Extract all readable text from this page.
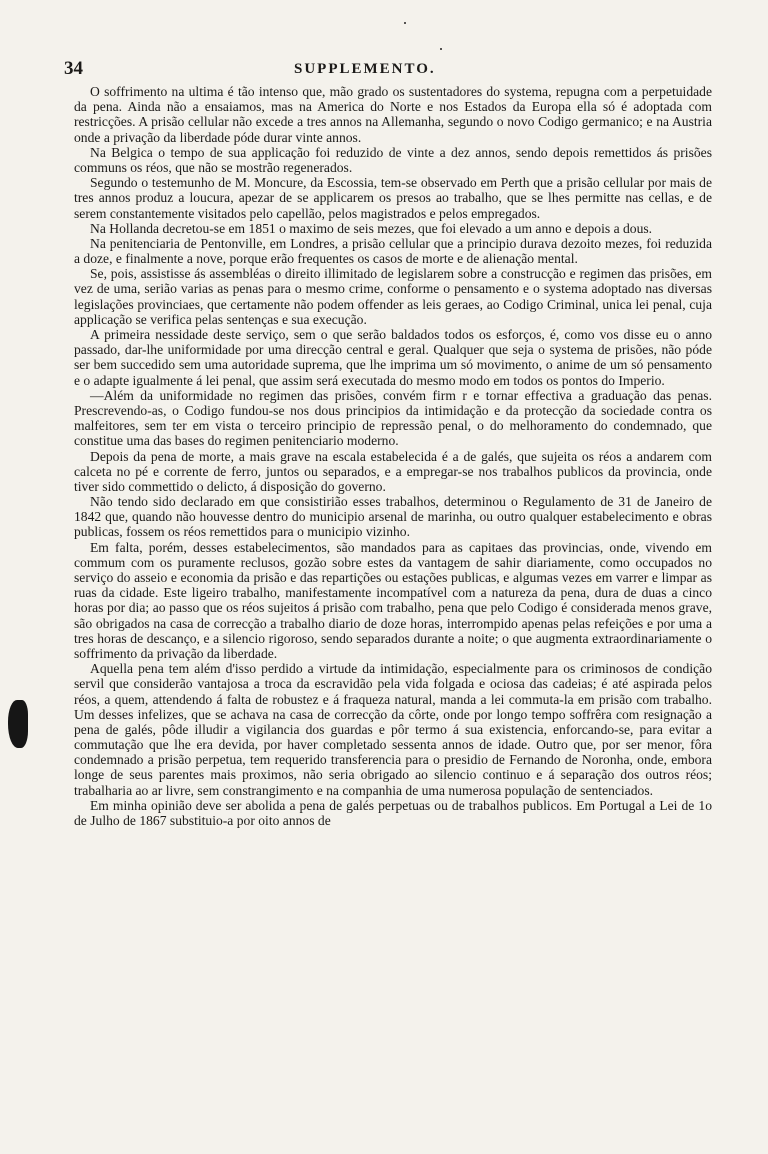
34	SUPPLEMENTO.

O soffrimento na ultima é tão intenso que, mão grado os sustentadores do systema, repugna com a perpetuidade da pena. Ainda não a ensaiamos, mas na America do Norte e nos Estados da Europa ella só é adoptada com restricções. A prisão cellular não excede a tres annos na Allemanha, segundo o novo Codigo germanico; e na Austria onde a privação da liberdade póde durar vinte annos.

Na Belgica o tempo de sua applicação foi reduzido de vinte a dez annos, sendo depois remettidos ás prisões communs os réos, que não se mostrão regenerados.

Segundo o testemunho de M. Moncure, da Escossia, tem-se observado em Perth que a prisão cellular por mais de tres annos produz a loucura, apezar de se applicarem os presos ao trabalho, que se lhes permitte nas cellas, e de serem constantemente visitados pelo capellão, pelos magistrados e pelos empregados.

Na Hollanda decretou-se em 1851 o maximo de seis mezes, que foi elevado a um anno e depois a dous.

Na penitenciaria de Pentonville, em Londres, a prisão cellular que a principio durava dezoito mezes, foi reduzida a doze, e finalmente a nove, porque erão frequentes os casos de morte e de alienação mental.

Se, pois, assistisse ás assembléas o direito illimitado de legislarem sobre a construcção e regimen das prisões, em vez de uma, serião varias as penas para o mesmo crime, conforme o pensamento e o systema adoptado nas diversas legislações provinciaes, que certamente não podem offender as leis geraes, ao Codigo Criminal, unica lei penal, cuja applicação se verifica pelas sentenças e sua execução.

A primeira nessidade deste serviço, sem o que serão baldados todos os esforços, é, como vos disse eu o anno passado, dar-lhe uniformidade por uma direcção central e geral. Qualquer que seja o systema de prisões, não póde ser bem succedido sem uma autoridade suprema, que lhe imprima um só movimento, o anime de um só pensamento e o adapte igualmente á lei penal, que assim será executada do mesmo modo em todos os pontos do Imperio.

—Além da uniformidade no regimen das prisões, convém firm r e tornar effectiva a graduação das penas. Prescrevendo-as, o Codigo fundou-se nos dous principios da intimidação e da protecção da sociedade contra os malfeitores, sem ter em vista o terceiro principio de repressão penal, o do melhoramento do condemnado, que constitue uma das bases do regimen penitenciario moderno.

Depois da pena de morte, a mais grave na escala estabelecida é a de galés, que sujeita os réos a andarem com calceta no pé e corrente de ferro, juntos ou separados, e a empregar-se nos trabalhos publicos da provincia, onde tiver sido commettido o delicto, á disposição do governo.

Não tendo sido declarado em que consistirião esses trabalhos, determinou o Regulamento de 31 de Janeiro de 1842 que, quando não houvesse dentro do municipio arsenal de marinha, ou outro qualquer estabelecimento e obras publicas, fossem os réos remettidos para o municipio vizinho.

Em falta, porém, desses estabelecimentos, são mandados para as capitaes das provincias, onde, vivendo em commum com os puramente reclusos, gozão sobre estes da vantagem de sahir diariamente, como occupados no serviço do asseio e economia da prisão e das repartições ou estações publicas, e algumas vezes em varrer e limpar as ruas da cidade. Este ligeiro trabalho, manifestamente incompatível com a natureza da pena, dura de duas a cinco horas por dia; ao passo que os réos sujeitos á prisão com trabalho, pena que pelo Codigo é considerada menos grave, são obrigados na casa de correcção a trabalho diario de doze horas, interrompido apenas pelas refeições e por uma a tres horas de descanço, e a silencio rigoroso, sendo separados durante a noite; o que augmenta extraordinariamente o soffrimento da privação da liberdade.

Aquella pena tem além d'isso perdido a virtude da intimidação, especialmente para os criminosos de condição servil que considerão vantajosa a troca da escravidão pela vida folgada e ociosa das cadeias; é até aspirada pelos réos, a quem, attendendo á falta de robustez e á fraqueza natural, manda a lei commuta-la em prisão com trabalho. Um desses infelizes, que se achava na casa de correcção da côrte, onde por longo tempo soffrêra com resignação a pena de galés, pôde illudir a vigilancia dos guardas e pôr termo á sua existencia, enforcando-se, para evitar a commutação que lhe era devida, por haver completado sessenta annos de idade. Outro que, por ser menor, fôra condemnado a prisão perpetua, tem requerido transferencia para o presidio de Fernando de Noronha, onde, embora longe de seus parentes mais proximos, não seria obrigado ao silencio continuo e á separação dos outros réos; trabalharia ao ar livre, sem constrangimento e na companhia de uma numerosa população de sentenciados.

Em minha opinião deve ser abolida a pena de galés perpetuas ou de trabalhos publicos. Em Portugal a Lei de 1o de Julho de 1867 substituio-a por oito annos de
